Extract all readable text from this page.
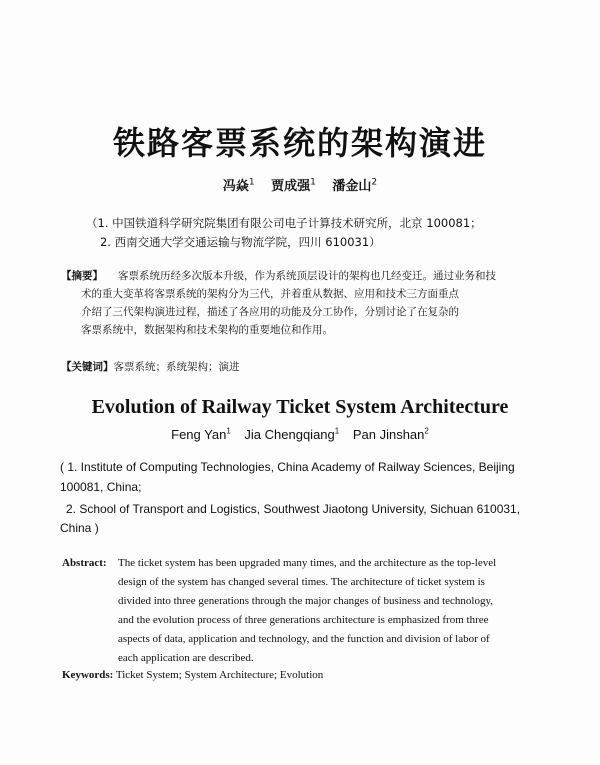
铁路客票系统的架构演进
冯焱$^1$ 贾成强$^1$ 潘金山$^2$
（1. 中国铁道科学研究院集团有限公司电子计算技术研究所，北京 100081；
2. 西南交通大学交通运输与物流学院，四川 610031）
【摘要】 客票系统历经多次版本升级，作为系统顶层设计的架构也几经变迁。通过业务和技
术的重大变革将客票系统的架构分为三代，并着重从数据、应用和技术三方面重点
介绍了三代架构演进过程，描述了各应用的功能及分工协作，分别讨论了在复杂的
客票系统中，数据架构和技术架构的重要地位和作用。
【关键词】客票系统；系统架构；演进
Evolution of Railway Ticket System Architecture
Feng Yan$^1$ Jia Chengqiang$^1$ Pan Jinshan$^2$
( 1. Institute of Computing Technologies, China Academy of Railway Sciences, Beijing
100081, China;
2. School of Transport and Logistics, Southwest Jiaotong University, Sichuan 610031,
China )
Abstract: The ticket system has been upgraded many times, and the architecture as the top-level
design of the system has changed several times. The architecture of ticket system is
divided into three generations through the major changes of business and technology,
and the evolution process of three generations architecture is emphasized from three
aspects of data, application and technology, and the function and division of labor of
each application are described.
Keywords: Ticket System; System Architecture; Evolution
